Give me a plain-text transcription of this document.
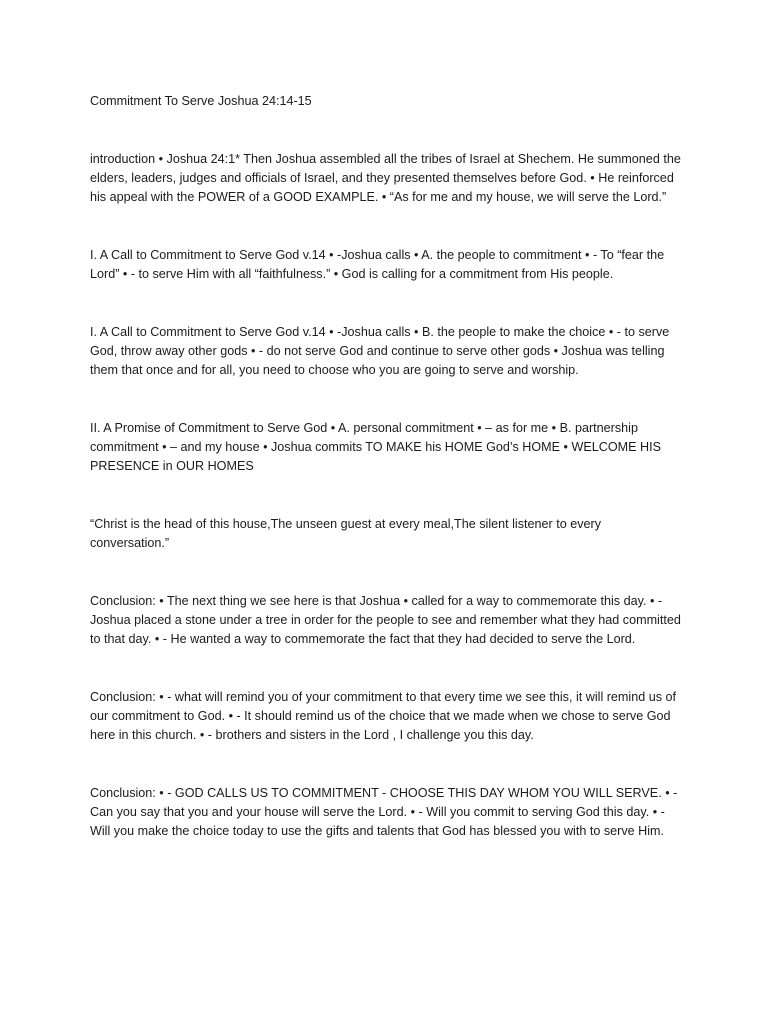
Commitment To Serve Joshua 24:14-15
introduction • Joshua 24:1* Then Joshua assembled all the tribes of Israel at Shechem. He summoned the elders, leaders, judges and officials of Israel, and they presented themselves before God. • He reinforced his appeal with the POWER of a GOOD EXAMPLE. • “As for me and my house, we will serve the Lord.”
I. A Call to Commitment to Serve God v.14 • -Joshua calls • A. the people to commitment • - To “fear the Lord” • - to serve Him with all “faithfulness.” • God is calling for a commitment from His people.
I. A Call to Commitment to Serve God v.14 • -Joshua calls • B. the people to make the choice • - to serve God, throw away other gods • - do not serve God and continue to serve other gods • Joshua was telling them that once and for all, you need to choose who you are going to serve and worship.
II. A Promise of Commitment to Serve God • A. personal commitment • – as for me • B. partnership commitment • – and my house • Joshua commits TO MAKE his HOME God’s HOME • WELCOME HIS PRESENCE in OUR HOMES
“Christ is the head of this house,The unseen guest at every meal,The silent listener to every conversation.”
Conclusion: • The next thing we see here is that Joshua • called for a way to commemorate this day. • - Joshua placed a stone under a tree in order for the people to see and remember what they had committed to that day. • - He wanted a way to commemorate the fact that they had decided to serve the Lord.
Conclusion: • - what will remind you of your commitment to that every time we see this, it will remind us of our commitment to God. • - It should remind us of the choice that we made when we chose to serve God here in this church. • - brothers and sisters in the Lord , I challenge you this day.
Conclusion: • - GOD CALLS US TO COMMITMENT - CHOOSE THIS DAY WHOM YOU WILL SERVE. • - Can you say that you and your house will serve the Lord. • - Will you commit to serving God this day. • - Will you make the choice today to use the gifts and talents that God has blessed you with to serve Him.
